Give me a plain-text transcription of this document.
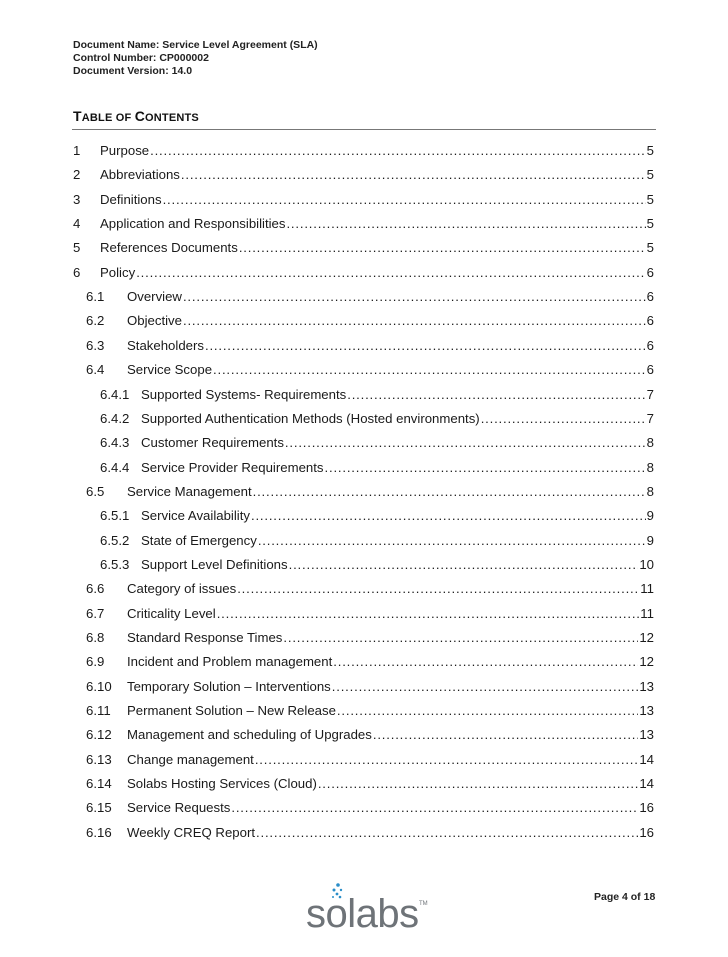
Document Name: Service Level Agreement (SLA)
Control Number: CP000002
Document Version: 14.0
TABLE OF CONTENTS
1	Purpose .....	5
2	Abbreviations .....	5
3	Definitions .....	5
4	Application and Responsibilities .....	5
5	References Documents .....	5
6	Policy .....	6
6.1	Overview .....	6
6.2	Objective .....	6
6.3	Stakeholders .....	6
6.4	Service Scope .....	6
6.4.1 Supported Systems- Requirements .....	7
6.4.2 Supported Authentication Methods (Hosted environments) .....	7
6.4.3 Customer Requirements .....	8
6.4.4 Service Provider Requirements .....	8
6.5	Service Management .....	8
6.5.1 Service Availability .....	9
6.5.2 State of Emergency .....	9
6.5.3 Support Level Definitions .....	10
6.6	Category of issues .....	11
6.7	Criticality Level .....	11
6.8	Standard Response Times .....	12
6.9	Incident and Problem management .....	12
6.10	Temporary Solution – Interventions .....	13
6.11	Permanent Solution – New Release .....	13
6.12	Management and scheduling of Upgrades .....	13
6.13	Change management .....	14
6.14	Solabs Hosting Services (Cloud) .....	14
6.15	Service Requests .....	16
6.16	Weekly CREQ Report .....	16
Page 4 of 18
solabs TM
